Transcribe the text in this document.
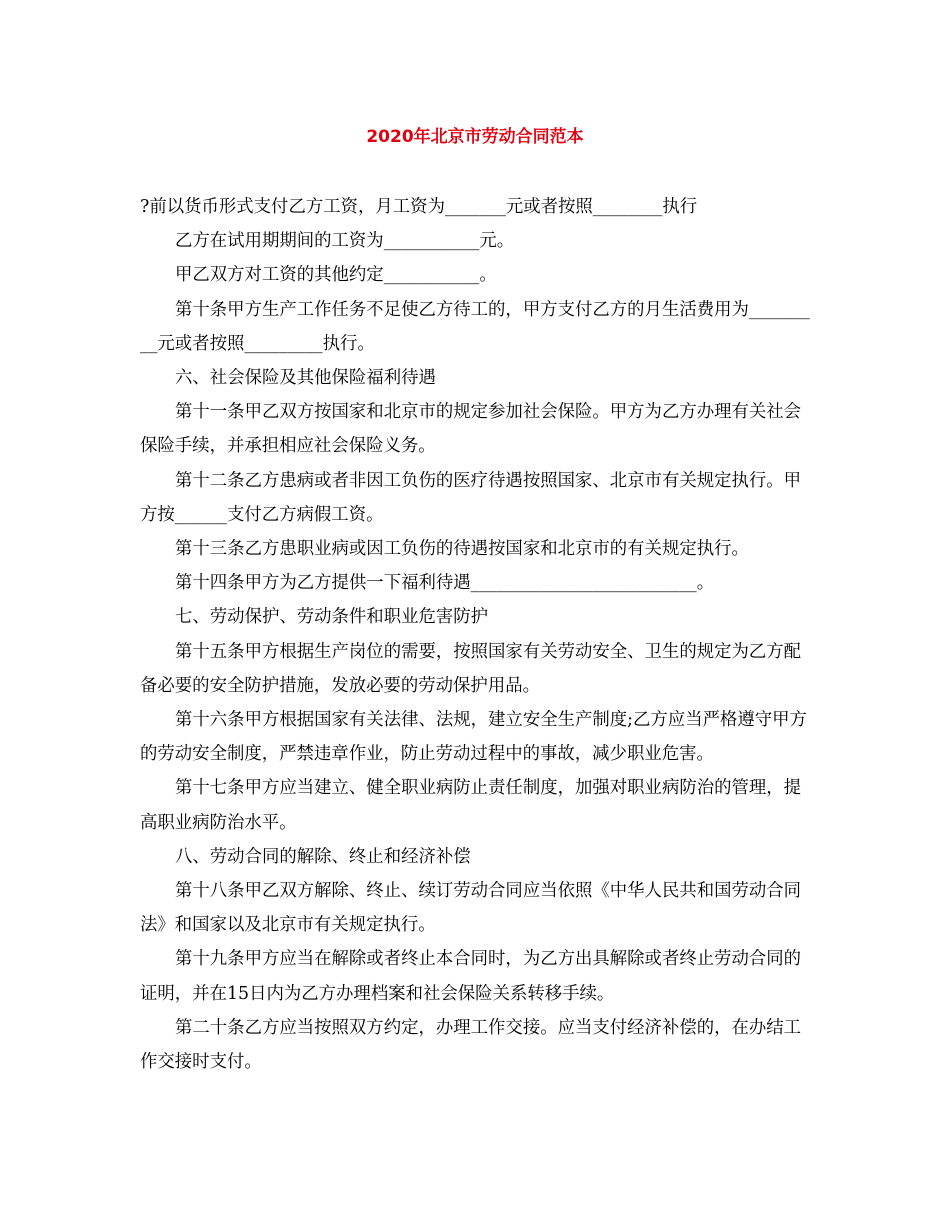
2020年北京市劳动合同范本

?前以货币形式支付乙方工资，月工资为_______元或者按照________执行

乙方在试用期期间的工资为___________元。

甲乙双方对工资的其他约定___________。

第十条甲方生产工作任务不足使乙方待工的，甲方支付乙方的月生活费用为_________元或者按照_________执行。

六、社会保险及其他保险福利待遇

第十一条甲乙双方按国家和北京市的规定参加社会保险。甲方为乙方办理有关社会保险手续，并承担相应社会保险义务。

第十二条乙方患病或者非因工负伤的医疗待遇按照国家、北京市有关规定执行。甲方按______支付乙方病假工资。

第十三条乙方患职业病或因工负伤的待遇按国家和北京市的有关规定执行。

第十四条甲方为乙方提供一下福利待遇__________________________。

七、劳动保护、劳动条件和职业危害防护

第十五条甲方根据生产岗位的需要，按照国家有关劳动安全、卫生的规定为乙方配备必要的安全防护措施，发放必要的劳动保护用品。

第十六条甲方根据国家有关法律、法规，建立安全生产制度;乙方应当严格遵守甲方的劳动安全制度，严禁违章作业，防止劳动过程中的事故，减少职业危害。

第十七条甲方应当建立、健全职业病防止责任制度，加强对职业病防治的管理，提高职业病防治水平。

八、劳动合同的解除、终止和经济补偿

第十八条甲乙双方解除、终止、续订劳动合同应当依照《中华人民共和国劳动合同法》和国家以及北京市有关规定执行。

第十九条甲方应当在解除或者终止本合同时，为乙方出具解除或者终止劳动合同的证明，并在15日内为乙方办理档案和社会保险关系转移手续。

第二十条乙方应当按照双方约定，办理工作交接。应当支付经济补偿的，在办结工作交接时支付。
